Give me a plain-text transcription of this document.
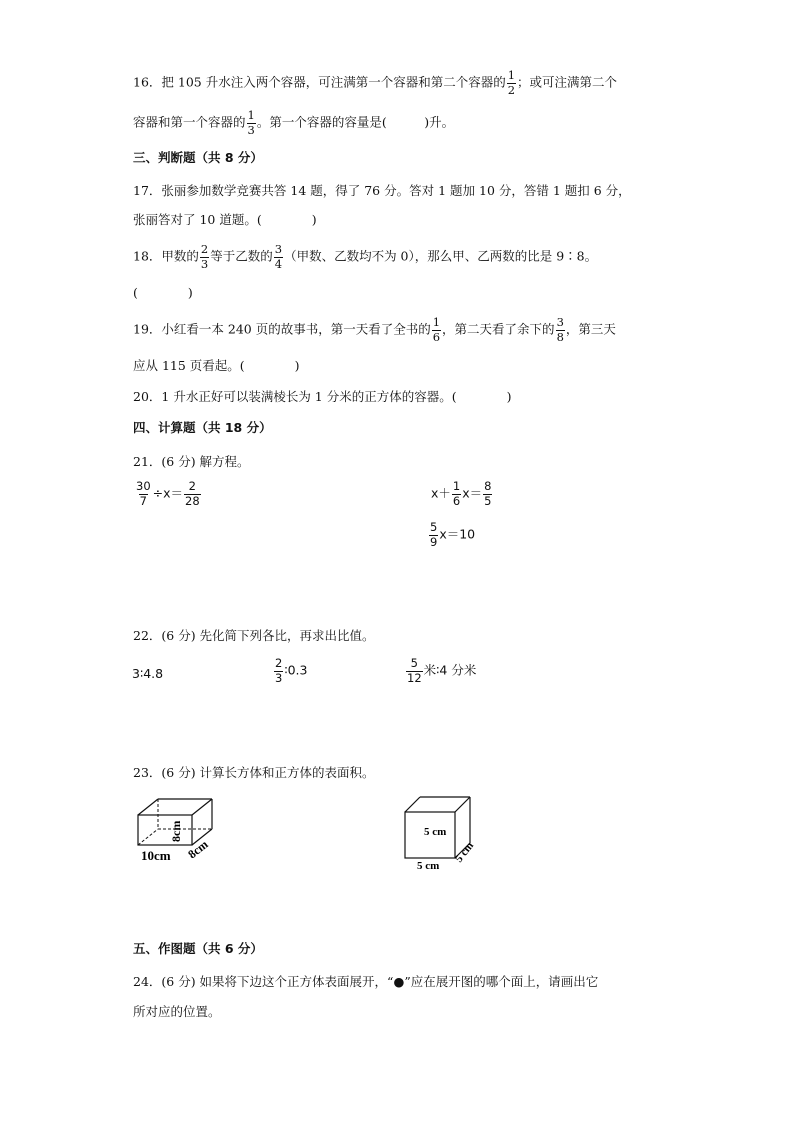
16．把 105 升水注入两个容器，可注满第一个容器和第二个容器的 $\frac{1}{2}$ ；或可注满第二个
容器和第一个容器的 $\frac{1}{3}$ 。第一个容器的容量是(　　　)升。
三、判断题（共 8 分）
17．张丽参加数学竞赛共答 14 题，得了 76 分。答对 1 题加 10 分，答错 1 题扣 6 分，
张丽答对了 10 道题。(　　　　)
18．甲数的 $\frac{2}{3}$ 等于乙数的 $\frac{3}{4}$ （甲数、乙数均不为 0），那么甲、乙两数的比是 9∶8。
(　　　　)
19．小红看一本 240 页的故事书，第一天看了全书的 $\frac{1}{6}$ ，第二天看了余下的 $\frac{3}{8}$ ，第三天
应从 115 页看起。(　　　　)
20．1 升水正好可以装满棱长为 1 分米的正方体的容器。(　　　　)
四、计算题（共 18 分）
21．(6 分) 解方程。
$\frac{30}{7} \div x= \frac{2}{28}$	$x+ \frac{1}{6} x= \frac{8}{5}$
$\frac{5}{9} x=10$
22．(6 分) 先化简下列各比，再求出比值。
3∶4.8	$\frac{2}{3}$ ∶0.3	$\frac{5}{12}$ 米∶4 分米
23．(6 分) 计算长方体和正方体的表面积。
8cm
10cm 8cm
5 cm
5 cm
5 cm
五、作图题（共 6 分）
24．(6 分) 如果将下边这个正方体表面展开，“●”应在展开图的哪个面上，请画出它
所对应的位置。
